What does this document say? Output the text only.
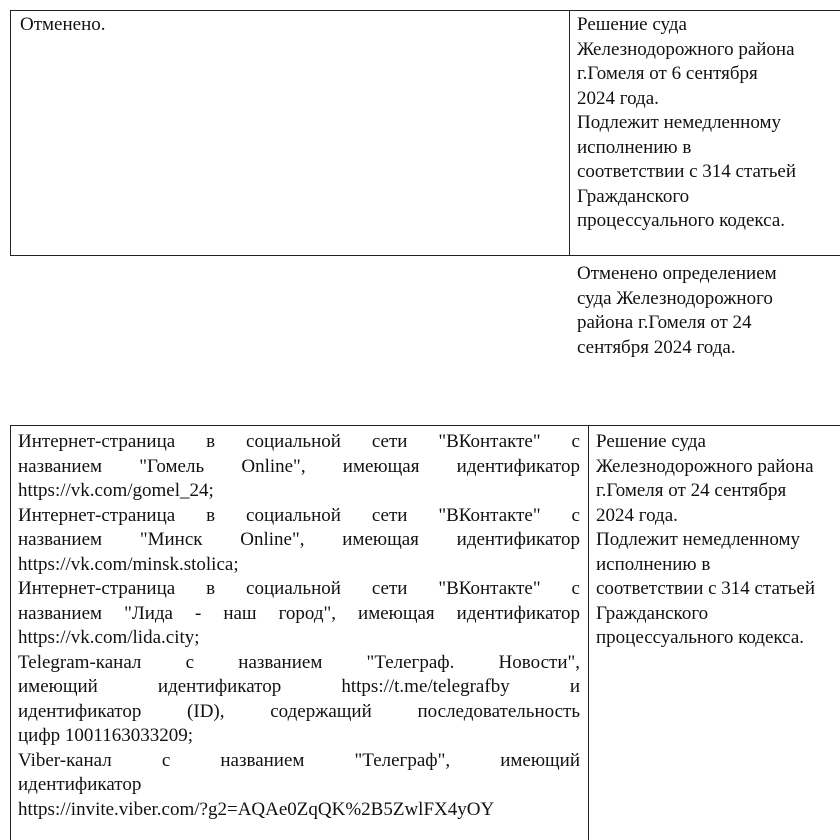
Отменено.	Решение суда
Железнодорожного района
г.Гомеля от 6 сентября
2024 года.
Подлежит немедленному
исполнению в
соответствии с 314 статьей
Гражданского
процессуального кодекса.
Отменено определением
суда Железнодорожного
района г.Гомеля от 24
сентября 2024 года.
Интернет-страница в социальной сети "ВКонтакте" с
названием "Гомель Online", имеющая идентификатор
https://vk.com/gomel_24;
Интернет-страница в социальной сети "ВКонтакте" с
названием "Минск Online", имеющая идентификатор
https://vk.com/minsk.stolica;
Интернет-страница в социальной сети "ВКонтакте" с
названием "Лида - наш город", имеющая идентификатор
https://vk.com/lida.city;
Telegram-канал с названием "Телеграф. Новости",
имеющий идентификатор https://t.me/telegrafby и
идентификатор (ID), содержащий последовательность
цифр 1001163033209;
Viber-канал с названием "Телеграф", имеющий
идентификатор
https://invite.viber.com/?g2=AQAe0ZqQK%2B5ZwlFX4yOY
Решение суда
Железнодорожного района
г.Гомеля от 24 сентября
2024 года.
Подлежит немедленному
исполнению в
соответствии с 314 статьей
Гражданского
процессуального кодекса.
